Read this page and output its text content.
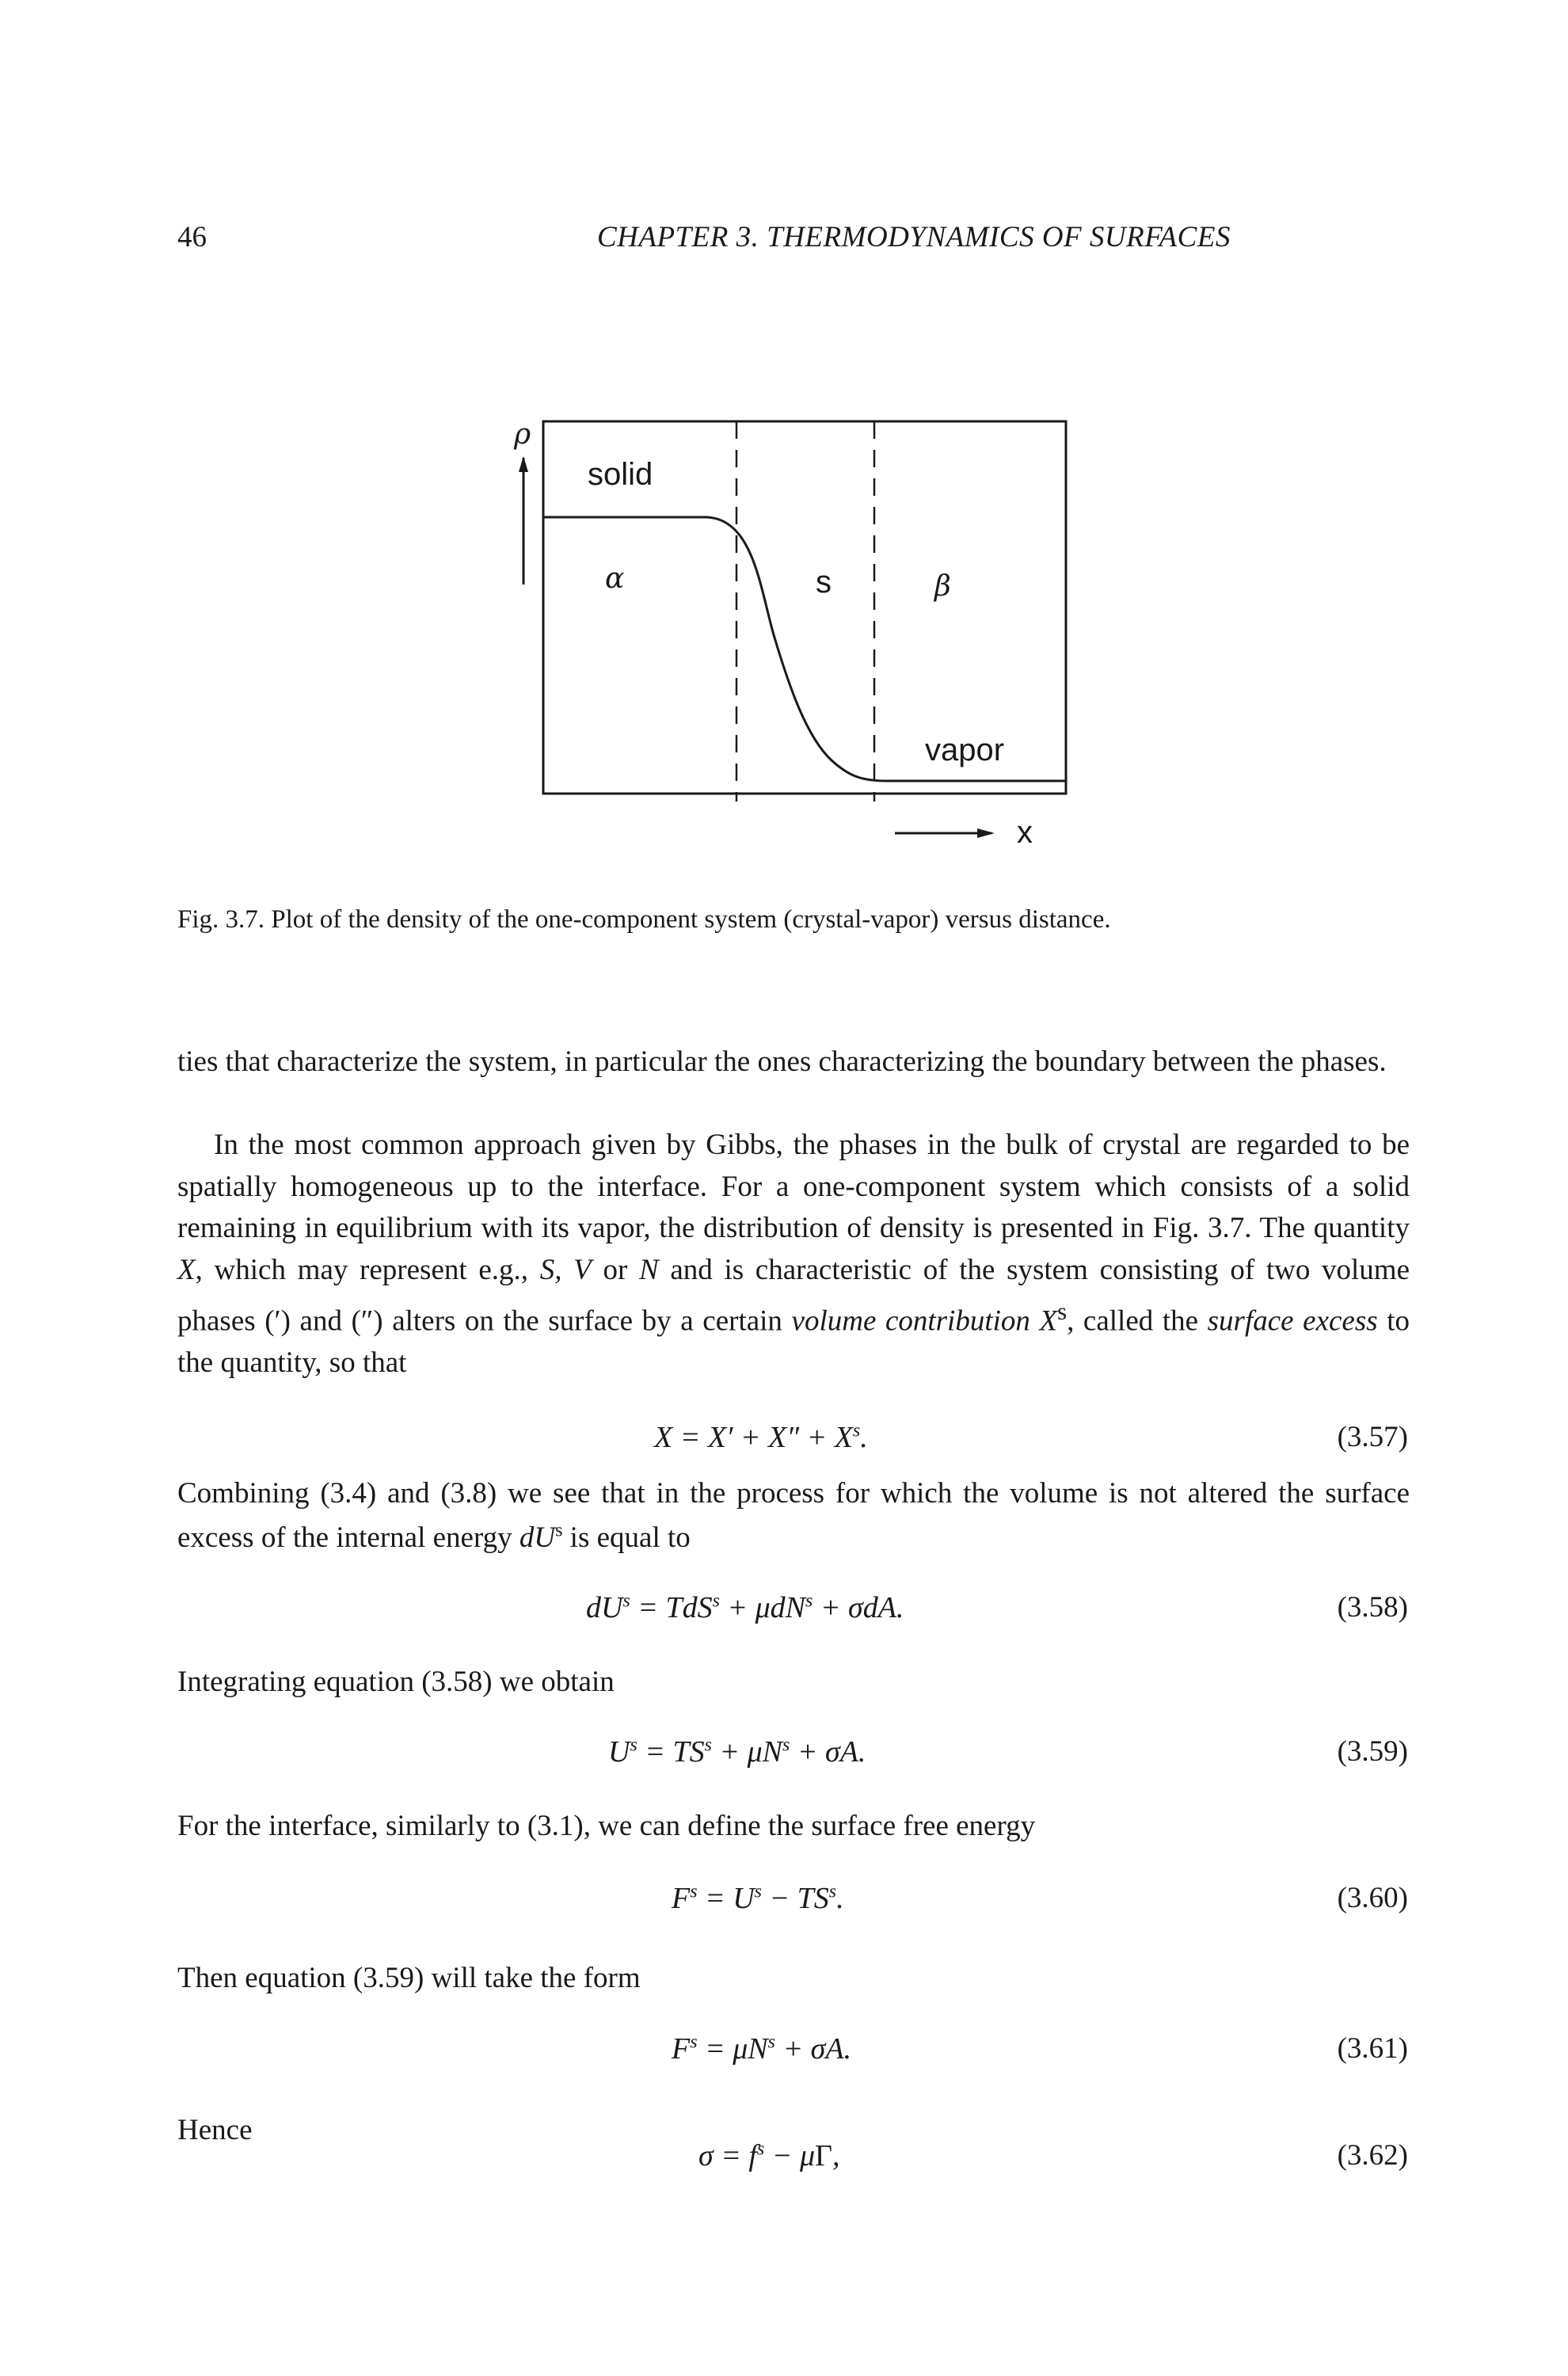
46	CHAPTER 3. THERMODYNAMICS OF SURFACES
solid
α	s	β
vapor
ρ
x
Fig. 3.7. Plot of the density of the one-component system (crystal-vapor) versus distance.

ties that characterize the system, in particular the ones characterizing the boundary between the phases.

In the most common approach given by Gibbs, the phases in the bulk of crystal are regarded to be spatially homogeneous up to the interface. For a one-component system which consists of a solid remaining in equilibrium with its vapor, the distribution of density is presented in Fig. 3.7. The quantity X, which may represent e.g., S, V or N and is characteristic of the system consisting of two volume phases (′) and (″) alters on the surface by a certain volume contribution $X^s$, called the surface excess to the quantity, so that

$X = X' + X'' + X^s$.	(3.57)
Combining (3.4) and (3.8) we see that in the process for which the volume is not altered the surface excess of the internal energy $dU^s$ is equal to
$dU^s = TdS^s + \mu dN^s + \sigma dA$.	(3.58)
Integrating equation (3.58) we obtain
$U^s = TS^s + \mu N^s + \sigma A$.	(3.59)
For the interface, similarly to (3.1), we can define the surface free energy
$F^s = U^s - TS^s$.	(3.60)
Then equation (3.59) will take the form
$F^s = \mu N^s + \sigma A$.	(3.61)
Hence
$\sigma = f^s - \mu\Gamma$,	(3.62)
